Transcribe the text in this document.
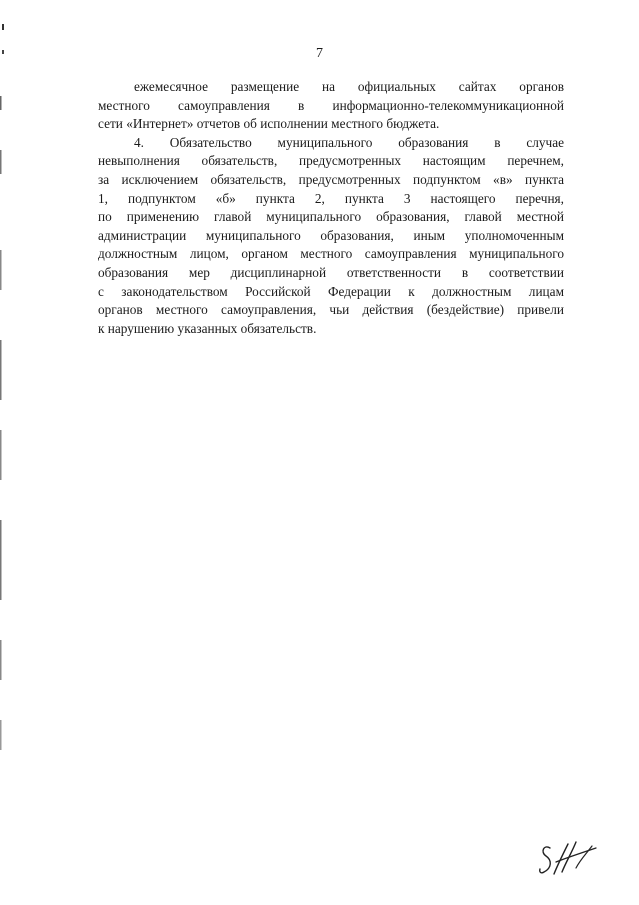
7

ежемесячное размещение на официальных сайтах органов
местного самоуправления в информационно-телекоммуникационной
сети «Интернет» отчетов об исполнении местного бюджета.

4. Обязательство муниципального образования в случае
невыполнения обязательств, предусмотренных настоящим перечнем,
за исключением обязательств, предусмотренных подпунктом «в» пункта
1, подпунктом «б» пункта 2, пункта 3 настоящего перечня,
по применению главой муниципального образования, главой местной
администрации муниципального образования, иным уполномоченным
должностным лицом, органом местного самоуправления муниципального
образования мер дисциплинарной ответственности в соответствии
с законодательством Российской Федерации к должностным лицам
органов местного самоуправления, чьи действия (бездействие) привели
к нарушению указанных обязательств.
